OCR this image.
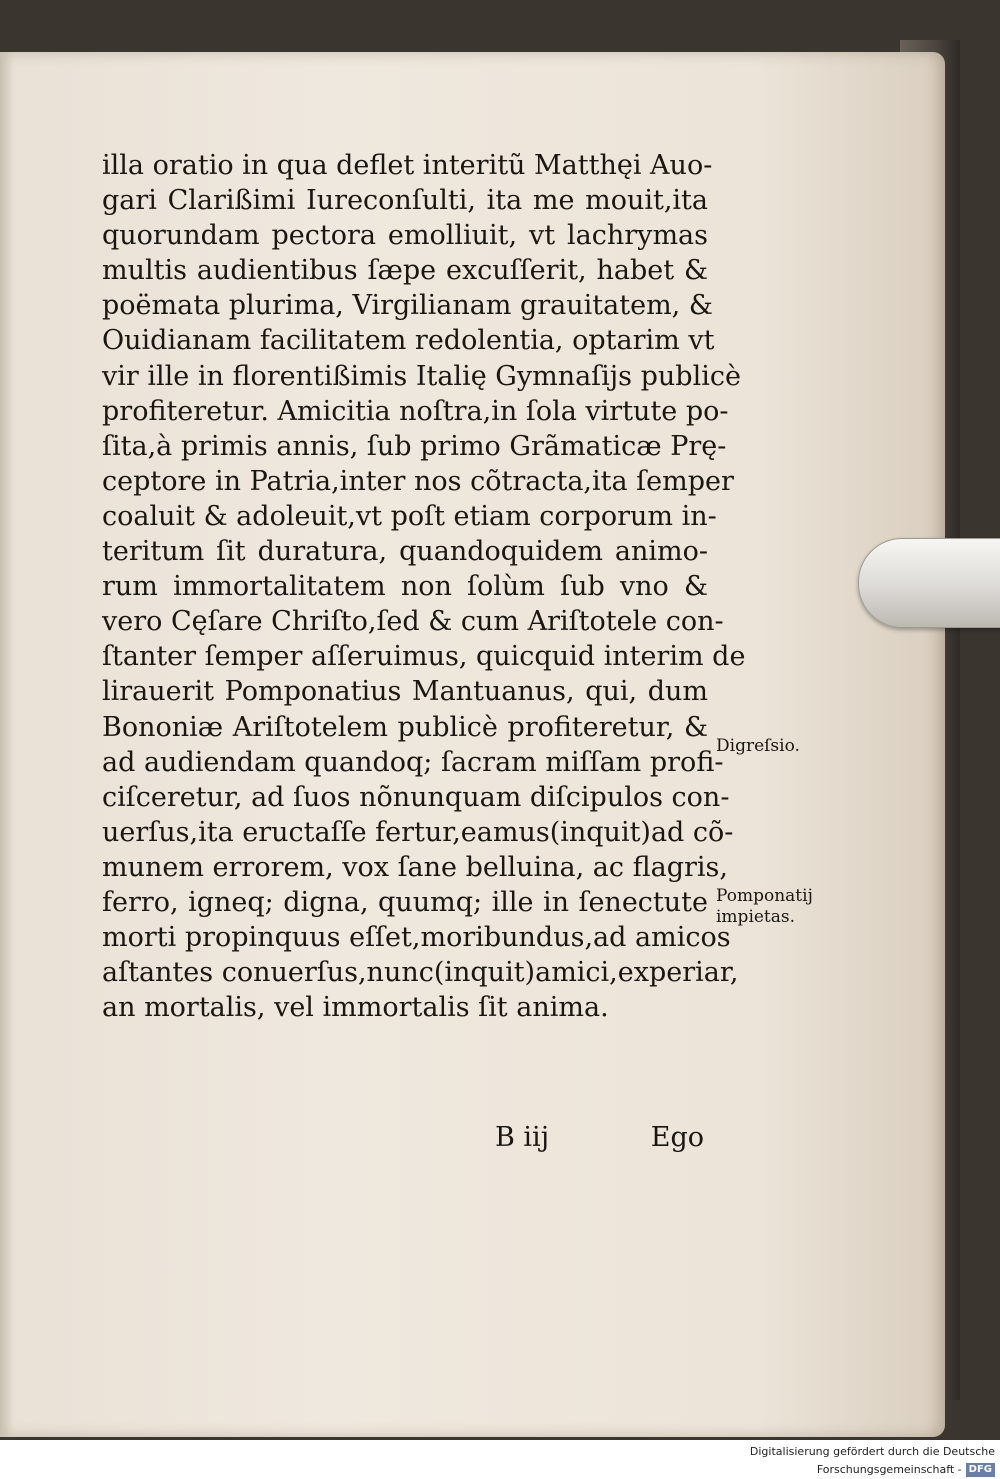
illa oratio in qua deflet interitũ Matthęi Auo-
gari Clarißimi Iureconſulti, ita me mouit,ita
quorundam pectora emolliuit, vt lachrymas
multis audientibus ſæpe excuſſerit, habet &
poëmata plurima, Virgilianam grauitatem, &
Ouidianam facilitatem redolentia, optarim vt
vir ille in florentißimis Italię Gymnaſijs publicè
profiteretur. Amicitia noſtra,in ſola virtute po-
ſita,à primis annis, ſub primo Grãmaticæ Prę-
ceptore in Patria,inter nos cõtracta,ita ſemper
coaluit & adoleuit,vt poſt etiam corporum in-
teritum ſit duratura, quandoquidem animo-
rum immortalitatem non ſolùm ſub vno &
vero Cęſare Chriſto,ſed & cum Ariſtotele con-
ſtanter ſemper aſſeruimus, quicquid interim de
lirauerit Pomponatius Mantuanus, qui, dum
Bononiæ Ariſtotelem publicè profiteretur, &
ad audiendam quandoq; ſacram miſſam profi-
ciſceretur, ad ſuos nõnunquam diſcipulos con-
uerſus,ita eructaſſe fertur,eamus(inquit)ad cõ-
munem errorem, vox ſane belluina, ac flagris,
ferro, igneq; digna, quumq; ille in ſenectute
morti propinquus eſſet,moribundus,ad amicos
aſtantes conuerſus,nunc(inquit)amici,experiar,
an mortalis, vel immortalis ſit anima.
B iij	Ego
Digreſsio.
Pomponatij
impietas.
Digitalisierung gefördert durch die Deutsche Forschungsgemeinschaft - DFG
